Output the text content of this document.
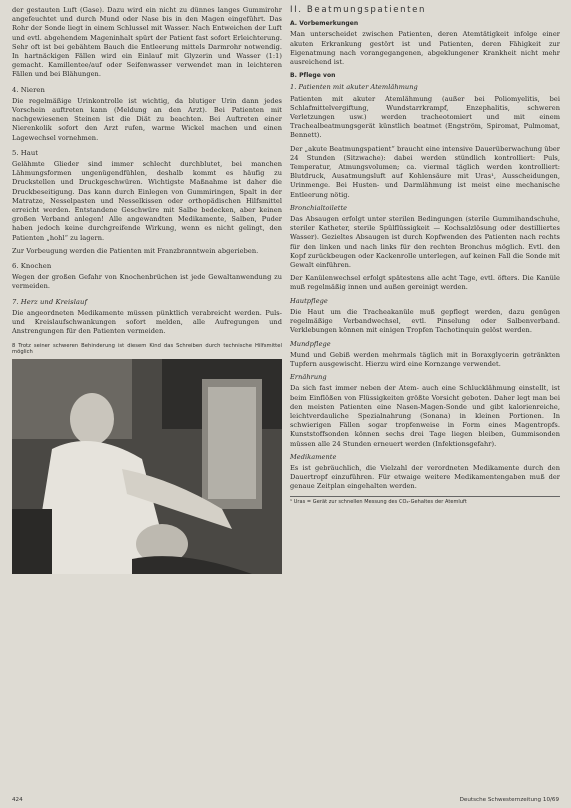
der gestauten Luft (Gase). Dazu wird ein nicht zu dünnes langes Gummirohr angefeuchtet und durch Mund oder Nase bis in den Magen eingeführt. Das Rohr der Sonde liegt in einem Schlussel mit Wasser. Nach Entweichen der Luft und evtl. abgehendem Mageninhalt spürt der Patient fast sofort Erleichterung. Sehr oft ist bei gebähtem Bauch die Entleerung mittels Darmrohr notwendig. In hartnäckigen Fällen wird ein Einlauf mit Glyzerin und Wasser (1:1) gemacht. Kamillentee/auf oder Seifenwasser verwendet man in leichteren Fällen und bei Blähungen.

4. Nieren

Die regelmäßige Urinkontrolle ist wichtig, da blutiger Urin dann jedes Vorschein auftreten kann (Meldung an den Arzt). Bei Patienten mit nachgewiesenen Steinen ist die Diät zu beachten. Bei Auftreten einer Nierenkolik sofort den Arzt rufen, warme Wickel machen und einen Lagewechsel vornehmen.

5. Haut

Gelähmte Glieder sind immer schlecht durchblutet, bei manchen Lähmungsformen ungenügendfühlen, deshalb kommt es häufig zu Druckstellen und Druckgeschwüren. Wichtigste Maßnahme ist daher die Druckbeseitigung. Das kann durch Einlegen von Gummiringen, Spalt in der Matratze, Nesselpasten und Nesselkissen oder orthopädischen Hilfsmittel erreicht werden. Entstandene Geschwüre mit Salbe bedecken, aber keinen großen Verband anlegen! Alle angewandten Medikamente, Salben, Puder haben jedoch keine durchgreifende Wirkung, wenn es nicht gelingt, den Patienten „hohl“ zu lagern.

Zur Vorbeugung werden die Patienten mit Franzbranntwein abgerieben.

6. Knochen

Wegen der großen Gefahr von Knochenbrüchen ist jede Gewaltanwendung zu vermeiden.

7. Herz und Kreislauf

Die angeordneten Medikamente müssen pünktlich verabreicht werden. Puls- und Kreislaufschwankungen sofort melden, alle Aufregungen und Anstrengungen für den Patienten vermeiden.

8 Trotz seiner schweren Behinderung ist diesem Kind das Schreiben durch technische Hilfsmittel möglich
II. Beatmungspatienten
A. Vorbemerkungen

Man unterscheidet zwischen Patienten, deren Atemtätigkeit infolge einer akuten Erkrankung gestört ist und Patienten, deren Fähigkeit zur Eigenatmung nach vorangegangenen, abgeklungener Krankheit nicht mehr ausreichend ist.

B. Pflege von
1. Patienten mit akuter Atemlähmung

Patienten mit akuter Atemlähmung (außer bei Poliomyelitis, bei Schlafmittelvergiftung, Wundstarrkrampf, Enzephalitis, schweren Verletzungen usw.) werden tracheotomiert und mit einem Trachealbeatmungsgerät künstlich beatmet (Engström, Spiromat, Pulmomat, Bennett).

Der „akute Beatmungspatient“ braucht eine intensive Dauerüberwachung über 24 Stunden (Sitzwache): dabei werden stündlich kontrolliert: Puls, Temperatur, Atmungsvolumen; ca. viermal täglich werden kontrolliert: Blutdruck, Ausatmungsluft auf Kohlensäure mit Uras¹, Ausscheidungen, Urinmenge. Bei Husten- und Darmlähmung ist meist eine mechanische Entleerung nötig.

Bronchialtoilette

Das Absaugen erfolgt unter sterilen Bedingungen (sterile Gummihandschuhe, steriler Katheter, sterile Spülflüssigkeit — Kochsalzlösung oder destilliertes Wasser). Gezieltes Absaugen ist durch Kopfwenden des Patienten nach rechts für den linken und nach links für den rechten Bronchus möglich. Evtl. den Kopf zurückbeugen oder Kackenrolle unterlegen, auf keinen Fall die Sonde mit Gewalt einführen.

Der Kanülenwechsel erfolgt spätestens alle acht Tage, evtl. öfters. Die Kanüle muß regelmäßig innen und außen gereinigt werden.

Hautpflege

Die Haut um die Tracheakanüle muß gepflegt werden, dazu genügen regelmäßige Verbandwechsel, evtl. Pinselung oder Salbenverband. Verklebungen können mit einigen Tropfen Tachotinquin gelöst werden.

Mundpflege

Mund und Gebiß werden mehrmals täglich mit in Boraxglycerin getränkten Tupfern ausgewischt. Hierzu wird eine Kornzange verwendet.

Ernährung

Da sich fast immer neben der Atem- auch eine Schlucklähmung einstellt, ist beim Einflößen von Flüssigkeiten größte Vorsicht geboten. Daher legt man bei den meisten Patienten eine Nasen-Magen-Sonde und gibt kalorienreiche, leichtverdauliche Spezialnahrung (Sonana) in kleinen Portionen. In schwierigen Fällen sogar tropfenweise in Form eines Magentropfs. Kunststoffsonden können sechs drei Tage liegen bleiben, Gummisonden müssen alle 24 Stunden erneuert werden (Infektionsgefahr).

Medikamente

Es ist gebräuchlich, die Vielzahl der verordneten Medikamente durch den Dauertropf einzuführen. Für etwaige weitere Medikamentengaben muß der genaue Zeitplan eingehalten werden.

¹ Uras = Gerät zur schnellen Messung des CO₂-Gehaltes der Atemluft
424	Deutsche Schwesternzeitung 10/69
